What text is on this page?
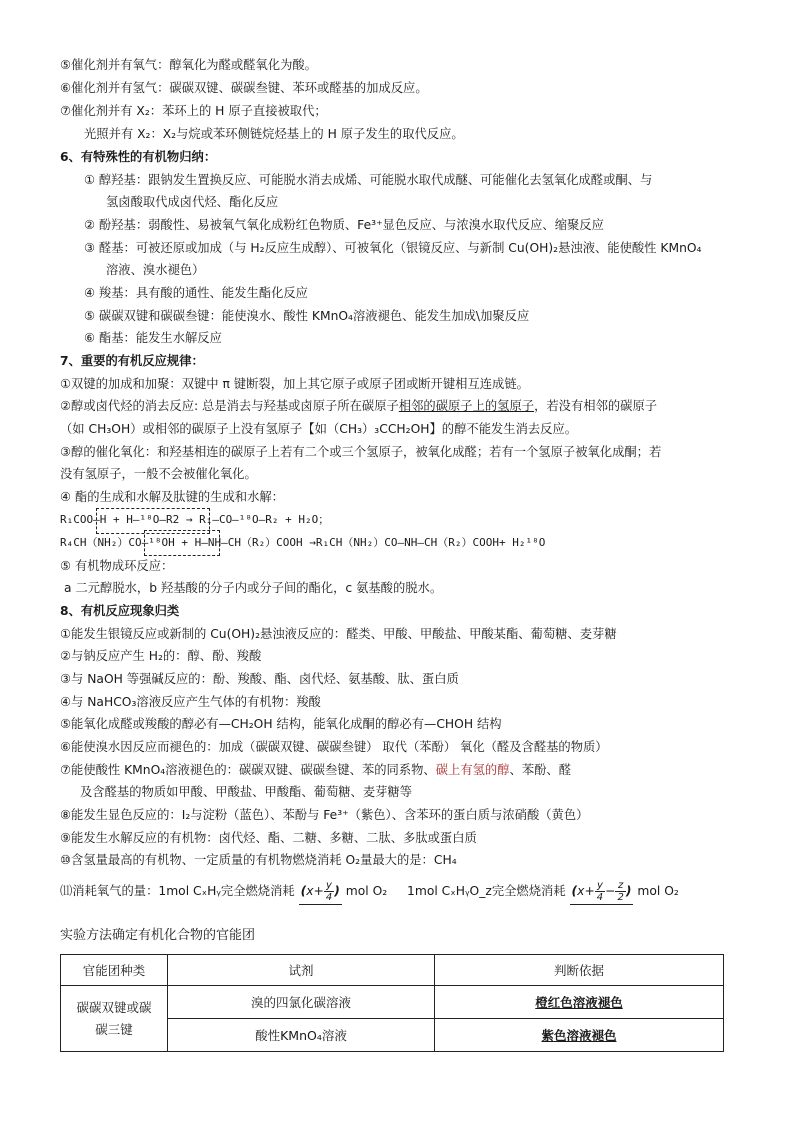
⑤催化剂并有氧气：醇氧化为醛或醛氧化为酸。
⑥催化剂并有氢气：碳碳双键、碳碳叁键、苯环或醛基的加成反应。
⑦催化剂并有 X₂：苯环上的 H 原子直接被取代；
光照并有 X₂：X₂与烷或苯环侧链烷烃基上的 H 原子发生的取代反应。
6、有特殊性的有机物归纳：
① 醇羟基：跟钠发生置换反应、可能脱水消去成烯、可能脱水取代成醚、可能催化去氢氧化成醛或酮、与
氢卤酸取代成卤代烃、酯化反应
② 酚羟基：弱酸性、易被氧气氧化成粉红色物质、Fe³⁺显色反应、与浓溴水取代反应、缩聚反应
③ 醛基：可被还原或加成（与 H₂反应生成醇）、可被氧化（银镜反应、与新制 Cu(OH)₂悬浊液、能使酸性 KMnO₄
溶液、溴水褪色）
④ 羧基：具有酸的通性、能发生酯化反应
⑤ 碳碳双键和碳碳叁键：能使溴水、酸性 KMnO₄溶液褪色、能发生加成\加聚反应
⑥ 酯基：能发生水解反应
7、重要的有机反应规律：
①双键的加成和加聚：双键中 π 键断裂，加上其它原子或原子团或断开键相互连成链。
②醇或卤代烃的消去反应: 总是消去与羟基或卤原子所在碳原子相邻的碳原子上的氢原子，若没有相邻的碳原子
（如 CH₃OH）或相邻的碳原子上没有氢原子【如（CH₃）₃CCH₂OH】的醇不能发生消去反应。
③醇的催化氧化：和羟基相连的碳原子上若有二个或三个氢原子，被氧化成醛；若有一个氢原子被氧化成酮；若
没有氢原子，一般不会被催化氧化。
④ 酯的生成和水解及肽键的生成和水解：
R₁COO—H + H—¹⁸O—R2 → R₁—CO—¹⁸O—R₂ + H₂O；
R₄CH（NH₂）CO—¹⁸OH + H—NH—CH（R₂）COOH →R₁CH（NH₂）CO—NH—CH（R₂）COOH+ H₂¹⁸O
⑤ 有机物成环反应：
a 二元醇脱水，b 羟基酸的分子内或分子间的酯化，c 氨基酸的脱水。
8、有机反应现象归类
①能发生银镜反应或新制的 Cu(OH)₂悬浊液反应的：醛类、甲酸、甲酸盐、甲酸某酯、葡萄糖、麦芽糖
②与钠反应产生 H₂的：醇、酚、羧酸
③与 NaOH 等强碱反应的：酚、羧酸、酯、卤代烃、氨基酸、肽、蛋白质
④与 NaHCO₃溶液反应产生气体的有机物：羧酸
⑤能氧化成醛或羧酸的醇必有—CH₂OH 结构，能氧化成酮的醇必有—CHOH 结构
⑥能使溴水因反应而褪色的：加成（碳碳双键、碳碳叁键） 取代（苯酚） 氧化（醛及含醛基的物质）
⑦能使酸性 KMnO₄溶液褪色的：碳碳双键、碳碳叁键、苯的同系物、碳上有氢的醇、苯酚、醛
及含醛基的物质如甲酸、甲酸盐、甲酸酯、葡萄糖、麦芽糖等
⑧能发生显色反应的：I₂与淀粉（蓝色）、苯酚与 Fe³⁺（紫色）、含苯环的蛋白质与浓硝酸（黄色）
⑨能发生水解反应的有机物：卤代烃、酯、二糖、多糖、二肽、多肽或蛋白质
⑩含氢量最高的有机物、一定质量的有机物燃烧消耗 O₂量最大的是：CH₄
⑾消耗氧气的量：1mol CₓHᵧ完全燃烧消耗 ($x+ \frac{y}{4}$ ) mol O₂ 1mol CₓHᵧO_z完全燃烧消耗 ($x+ \frac{y}{4} - \frac{z}{2}$ ) mol O₂
实验方法确定有机化合物的官能团
官能团种类	试剂	判断依据
碳碳双键或碳碳三键	溴的四氯化碳溶液	橙红色溶液褪色
	酸性KMnO₄溶液	紫色溶液褪色
